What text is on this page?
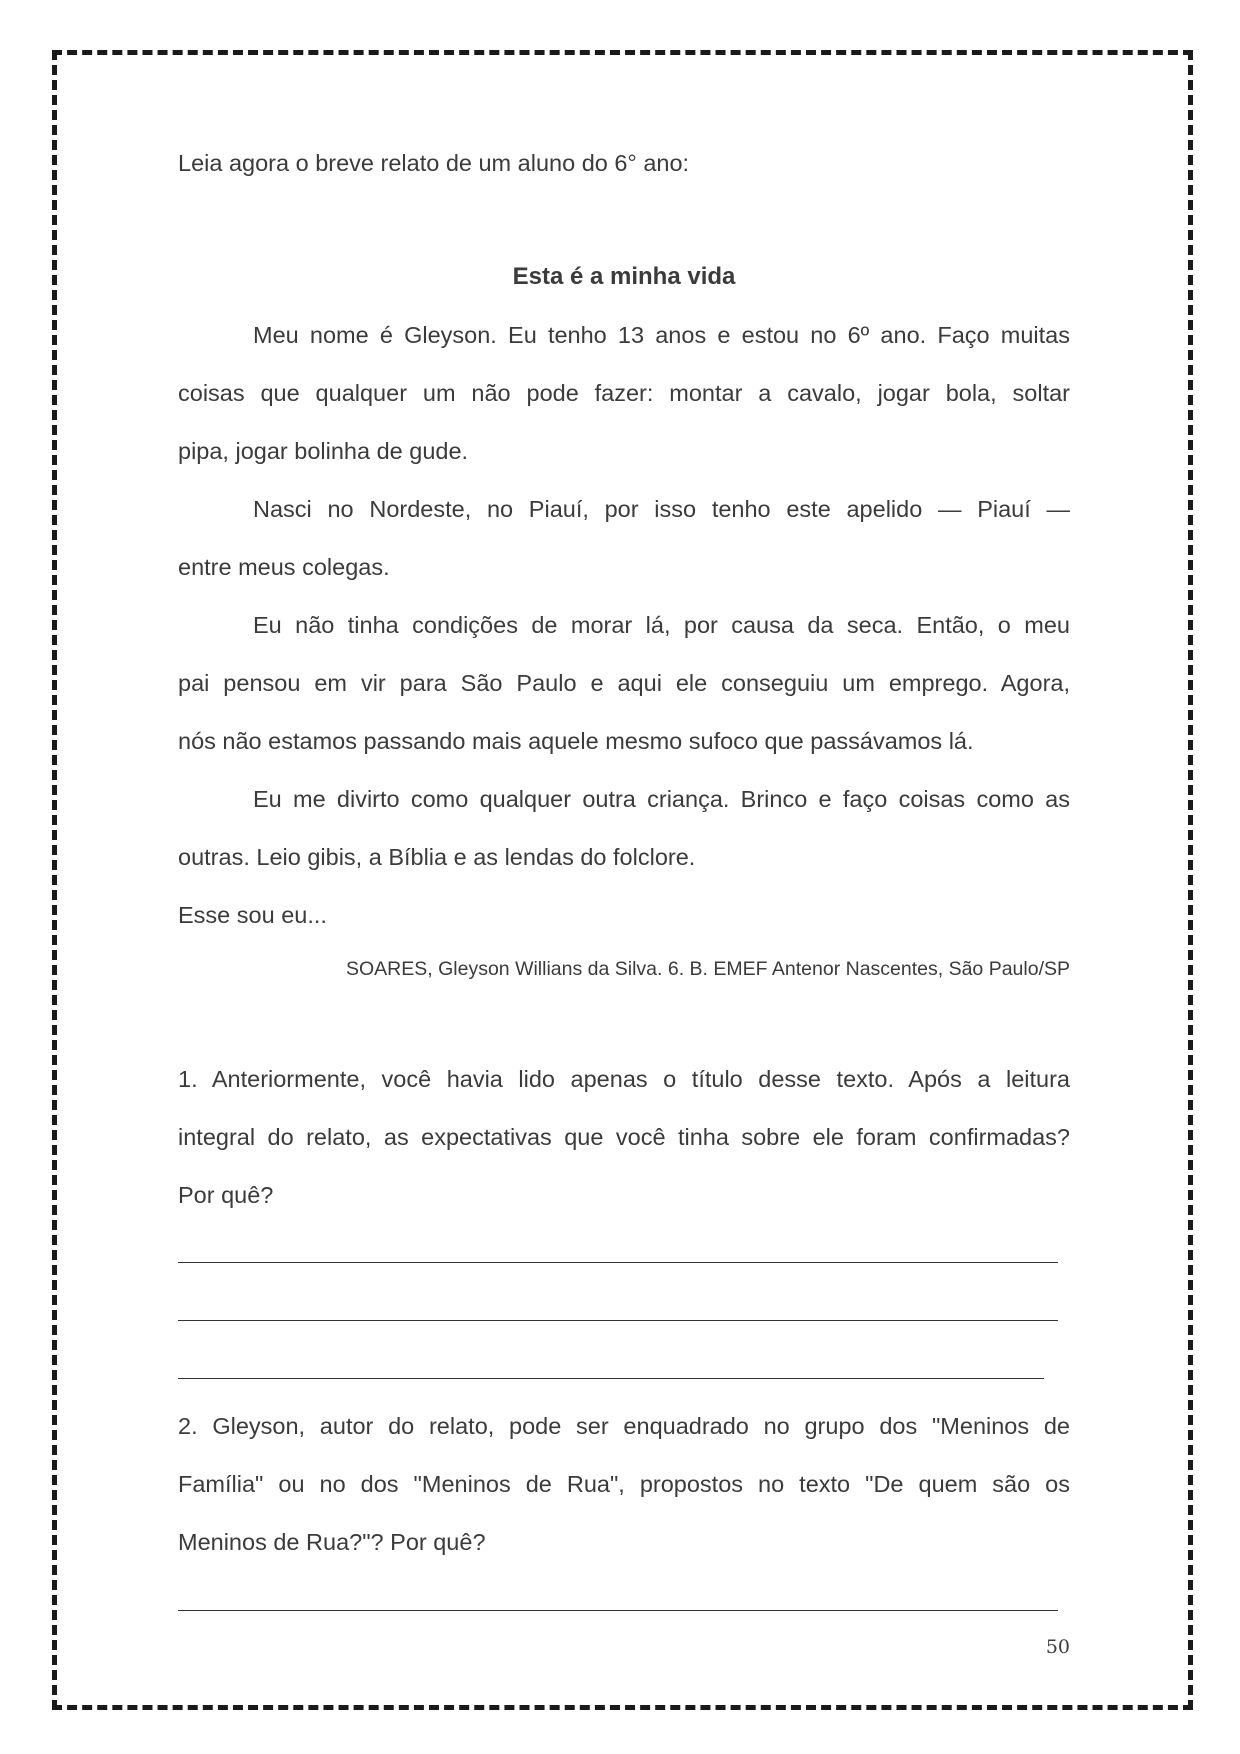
Leia agora o breve relato de um aluno do 6° ano:
Esta é a minha vida
Meu nome é Gleyson. Eu tenho 13 anos e estou no 6º ano. Faço muitas
coisas que qualquer um não pode fazer: montar a cavalo, jogar bola, soltar
pipa, jogar bolinha de gude.
Nasci no Nordeste, no Piauí, por isso tenho este apelido — Piauí —
entre meus colegas.
Eu não tinha condições de morar lá, por causa da seca. Então, o meu
pai pensou em vir para São Paulo e aqui ele conseguiu um emprego. Agora,
nós não estamos passando mais aquele mesmo sufoco que passávamos lá.
Eu me divirto como qualquer outra criança. Brinco e faço coisas como as
outras. Leio gibis, a Bíblia e as lendas do folclore.
Esse sou eu...
SOARES, Gleyson Willians da Silva. 6. B. EMEF Antenor Nascentes, São Paulo/SP
1. Anteriormente, você havia lido apenas o título desse texto. Após a leitura
integral do relato, as expectativas que você tinha sobre ele foram confirmadas?
Por quê?
2. Gleyson, autor do relato, pode ser enquadrado no grupo dos "Meninos de
Família" ou no dos "Meninos de Rua", propostos no texto "De quem são os
Meninos de Rua?"? Por quê?
50
